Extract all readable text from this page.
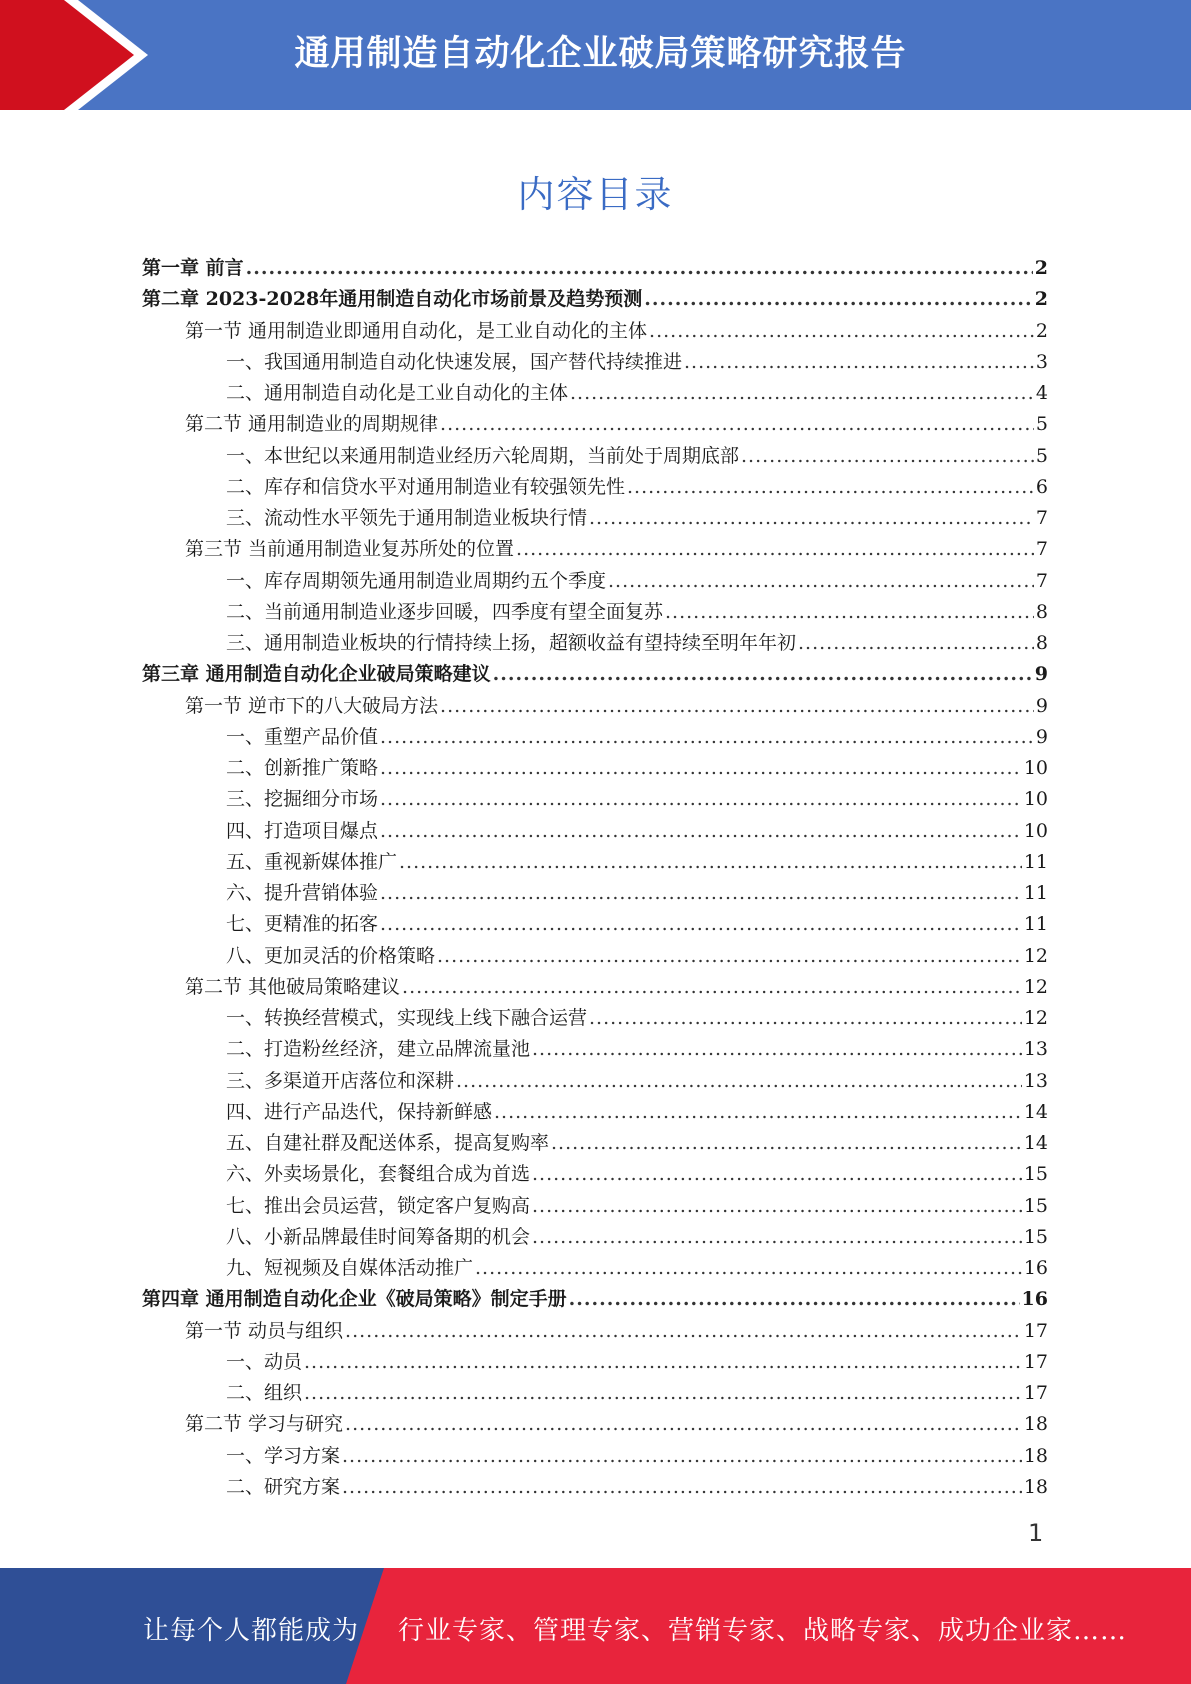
通用制造自动化企业破局策略研究报告
内容目录
第一章 前言 .....	2
第二章 2023-2028年通用制造自动化市场前景及趋势预测 .....	2
第一节 通用制造业即通用自动化，是工业自动化的主体 .....	2
一、我国通用制造自动化快速发展，国产替代持续推进 .....	3
二、通用制造自动化是工业自动化的主体 .....	4
第二节 通用制造业的周期规律 .....	5
一、本世纪以来通用制造业经历六轮周期，当前处于周期底部 .....	5
二、库存和信贷水平对通用制造业有较强领先性 .....	6
三、流动性水平领先于通用制造业板块行情 .....	7
第三节 当前通用制造业复苏所处的位置 .....	7
一、库存周期领先通用制造业周期约五个季度 .....	7
二、当前通用制造业逐步回暖，四季度有望全面复苏 .....	8
三、通用制造业板块的行情持续上扬，超额收益有望持续至明年年初 .....	8
第三章 通用制造自动化企业破局策略建议 .....	9
第一节 逆市下的八大破局方法 .....	9
一、重塑产品价值 .....	9
二、创新推广策略 .....	10
三、挖掘细分市场 .....	10
四、打造项目爆点 .....	10
五、重视新媒体推广 .....	11
六、提升营销体验 .....	11
七、更精准的拓客 .....	11
八、更加灵活的价格策略 .....	12
第二节 其他破局策略建议 .....	12
一、转换经营模式，实现线上线下融合运营 .....	12
二、打造粉丝经济，建立品牌流量池 .....	13
三、多渠道开店落位和深耕 .....	13
四、进行产品迭代，保持新鲜感 .....	14
五、自建社群及配送体系，提高复购率 .....	14
六、外卖场景化，套餐组合成为首选 .....	15
七、推出会员运营，锁定客户复购高 .....	15
八、小新品牌最佳时间筹备期的机会 .....	15
九、短视频及自媒体活动推广 .....	16
第四章 通用制造自动化企业《破局策略》制定手册 .....	16
第一节 动员与组织 .....	17
一、动员 .....	17
二、组织 .....	17
第二节 学习与研究 .....	18
一、学习方案 .....	18
二、研究方案 .....	18
1
让每个人都能成为 行业专家、管理专家、营销专家、战略专家、成功企业家……
